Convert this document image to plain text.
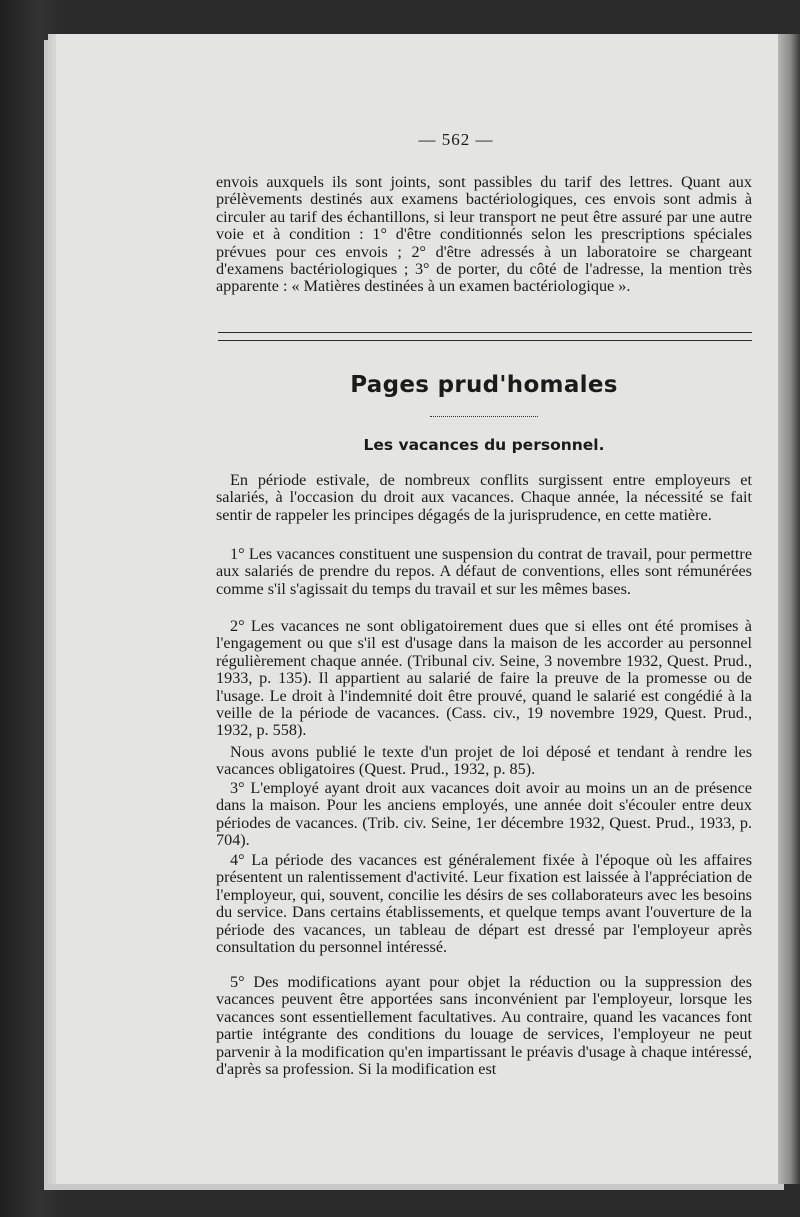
— 562 —

envois auxquels ils sont joints, sont passibles du tarif des lettres. Quant aux prélèvements destinés aux examens bactériologiques, ces envois sont admis à circuler au tarif des échantillons, si leur transport ne peut être assuré par une autre voie et à condition : 1° d'être conditionnés selon les prescriptions spéciales prévues pour ces envois ; 2° d'être adressés à un laboratoire se chargeant d'examens bactériologiques ; 3° de porter, du côté de l'adresse, la mention très apparente : « Matières destinées à un examen bactériologique ».

Pages prud'homales
Les vacances du personnel.

En période estivale, de nombreux conflits surgissent entre employeurs et salariés, à l'occasion du droit aux vacances. Chaque année, la nécessité se fait sentir de rappeler les principes dégagés de la jurisprudence, en cette matière.

1° Les vacances constituent une suspension du contrat de travail, pour permettre aux salariés de prendre du repos. A défaut de conventions, elles sont rémunérées comme s'il s'agissait du temps du travail et sur les mêmes bases.

2° Les vacances ne sont obligatoirement dues que si elles ont été promises à l'engagement ou que s'il est d'usage dans la maison de les accorder au personnel régulièrement chaque année. (Tribunal civ. Seine, 3 novembre 1932, Quest. Prud., 1933, p. 135). Il appartient au salarié de faire la preuve de la promesse ou de l'usage. Le droit à l'indemnité doit être prouvé, quand le salarié est congédié à la veille de la période de vacances. (Cass. civ., 19 novembre 1929, Quest. Prud., 1932, p. 558).

Nous avons publié le texte d'un projet de loi déposé et tendant à rendre les vacances obligatoires (Quest. Prud., 1932, p. 85).

3° L'employé ayant droit aux vacances doit avoir au moins un an de présence dans la maison. Pour les anciens employés, une année doit s'écouler entre deux périodes de vacances. (Trib. civ. Seine, 1er décembre 1932, Quest. Prud., 1933, p. 704).

4° La période des vacances est généralement fixée à l'époque où les affaires présentent un ralentissement d'activité. Leur fixation est laissée à l'appréciation de l'employeur, qui, souvent, concilie les désirs de ses collaborateurs avec les besoins du service. Dans certains établissements, et quelque temps avant l'ouverture de la période des vacances, un tableau de départ est dressé par l'employeur après consultation du personnel intéressé.

5° Des modifications ayant pour objet la réduction ou la suppression des vacances peuvent être apportées sans inconvénient par l'employeur, lorsque les vacances sont essentiellement facultatives. Au contraire, quand les vacances font partie intégrante des conditions du louage de services, l'employeur ne peut parvenir à la modification qu'en impartissant le préavis d'usage à chaque intéressé, d'après sa profession. Si la modification est
